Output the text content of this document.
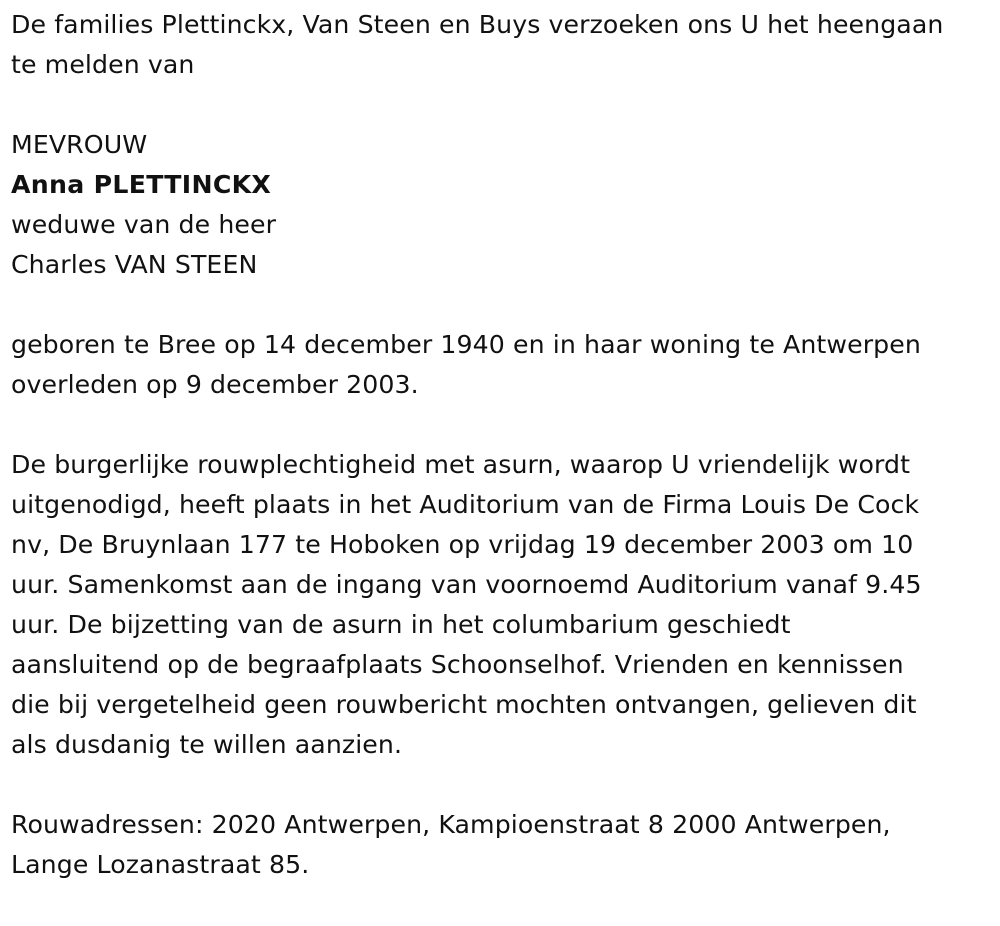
De families Plettinckx, Van Steen en Buys verzoeken ons U het heengaan
te melden van

MEVROUW
Anna PLETTINCKX
weduwe van de heer
Charles VAN STEEN

geboren te Bree op 14 december 1940 en in haar woning te Antwerpen
overleden op 9 december 2003.

De burgerlijke rouwplechtigheid met asurn, waarop U vriendelijk wordt
uitgenodigd, heeft plaats in het Auditorium van de Firma Louis De Cock
nv, De Bruynlaan 177 te Hoboken op vrijdag 19 december 2003 om 10
uur. Samenkomst aan de ingang van voornoemd Auditorium vanaf 9.45
uur. De bijzetting van de asurn in het columbarium geschiedt
aansluitend op de begraafplaats Schoonselhof. Vrienden en kennissen
die bij vergetelheid geen rouwbericht mochten ontvangen, gelieven dit
als dusdanig te willen aanzien.

Rouwadressen: 2020 Antwerpen, Kampioenstraat 8 2000 Antwerpen,
Lange Lozanastraat 85.
